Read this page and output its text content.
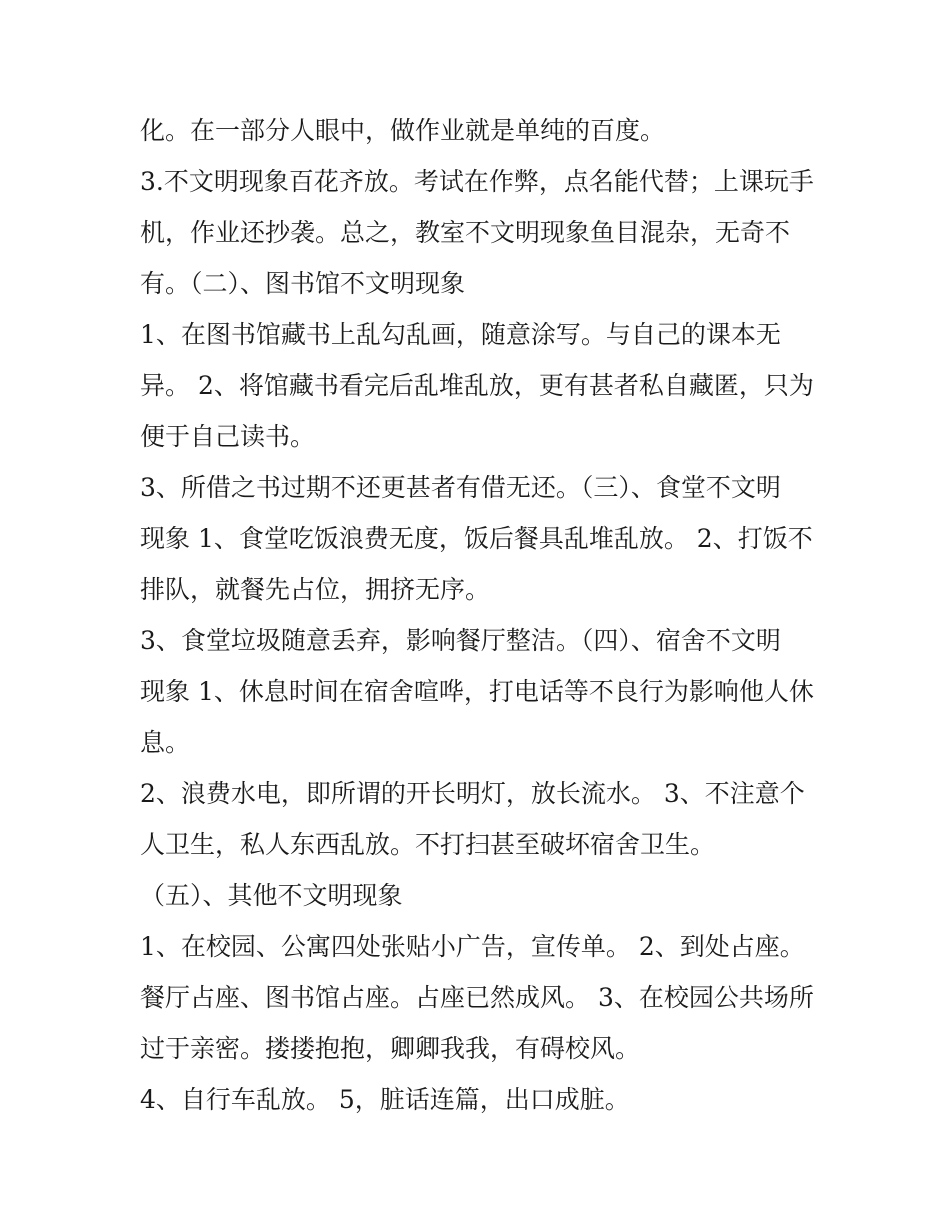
化。在一部分人眼中，做作业就是单纯的百度。
3.不文明现象百花齐放。考试在作弊，点名能代替；上课玩手
机，作业还抄袭。总之，教室不文明现象鱼目混杂，无奇不
有。（二）、图书馆不文明现象
1、在图书馆藏书上乱勾乱画，随意涂写。与自己的课本无
异。 2、将馆藏书看完后乱堆乱放，更有甚者私自藏匿，只为
便于自己读书。
3、所借之书过期不还更甚者有借无还。（三）、食堂不文明
现象 1、食堂吃饭浪费无度，饭后餐具乱堆乱放。 2、打饭不
排队，就餐先占位，拥挤无序。
3、食堂垃圾随意丢弃，影响餐厅整洁。（四）、宿舍不文明
现象 1、休息时间在宿舍喧哗，打电话等不良行为影响他人休
息。
2、浪费水电，即所谓的开长明灯，放长流水。 3、不注意个
人卫生，私人东西乱放。不打扫甚至破坏宿舍卫生。
（五）、其他不文明现象
1、在校园、公寓四处张贴小广告，宣传单。 2、到处占座。
餐厅占座、图书馆占座。占座已然成风。 3、在校园公共场所
过于亲密。搂搂抱抱，卿卿我我，有碍校风。
4、自行车乱放。 5，脏话连篇，出口成脏。
